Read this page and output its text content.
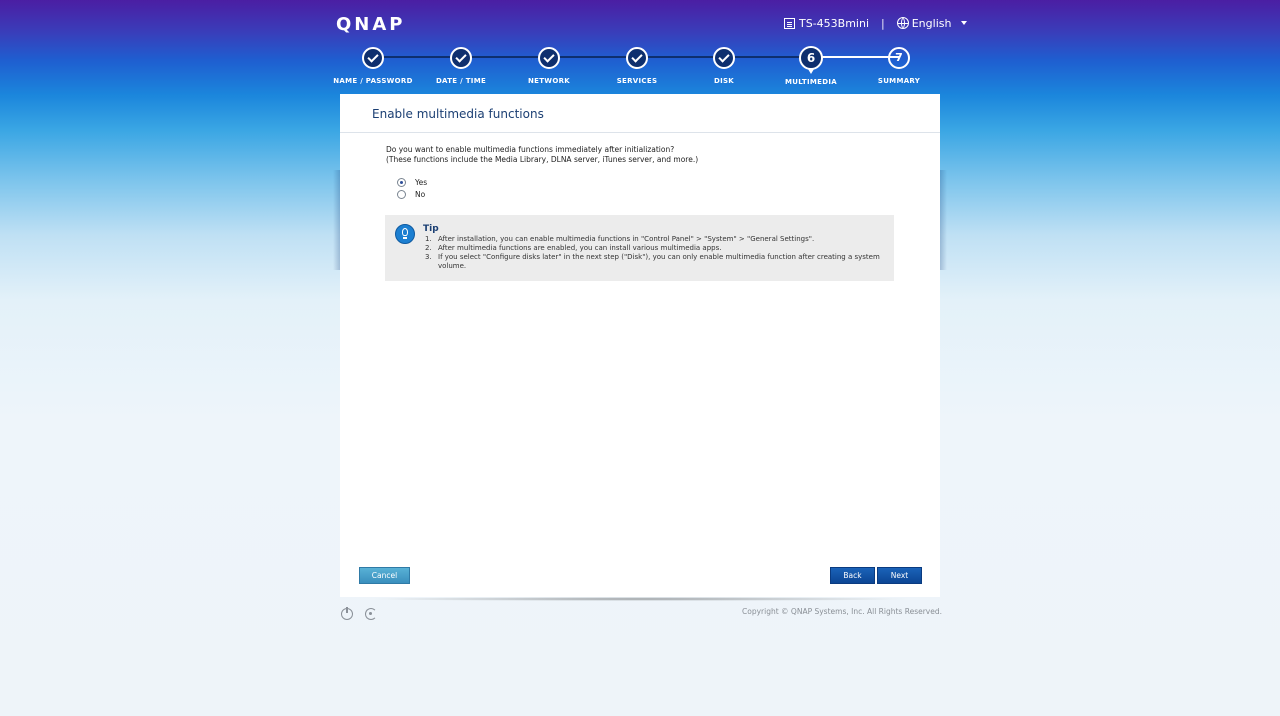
QNAP	TS-453Bmini | English
NAME / PASSWORD	DATE / TIME	NETWORK	SERVICES	DISK
6
MULTIMEDIA
7
SUMMARY
Enable multimedia functions
Do you want to enable multimedia functions immediately after initialization?
(These functions include the Media Library, DLNA server, iTunes server, and more.)
Yes
No
Tip
1. After installation, you can enable multimedia functions in "Control Panel" > "System" > "General Settings".
2. After multimedia functions are enabled, you can install various multimedia apps.
3. If you select "Configure disks later" in the next step ("Disk"), you can only enable multimedia function after creating a system volume.
Cancel	Back	Next
Copyright © QNAP Systems, Inc. All Rights Reserved.
